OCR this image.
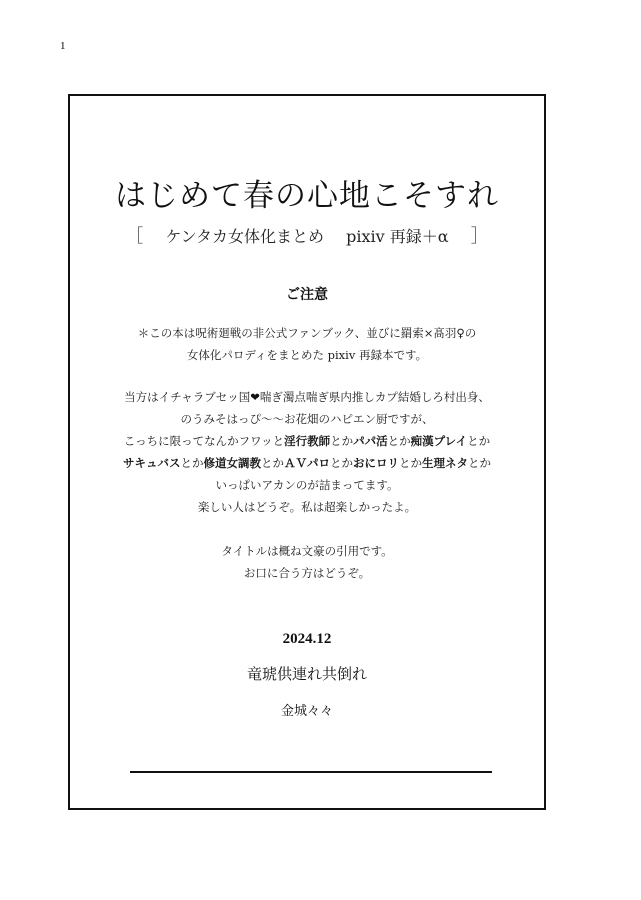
1
はじめて春の心地こそすれ
［ ケンタカ女体化まとめ pixiv 再録＋α ］
ご注意
＊この本は呪術廻戦の非公式ファンブック、並びに羂索×髙羽♀の
女体化パロディをまとめた pixiv 再録本です。
当方はイチャラブセッ国❤喘ぎ濁点喘ぎ県内推しカプ結婚しろ村出身、
のうみそはっぴ〜〜お花畑のハピエン厨ですが、
こっちに限ってなんかフワッと淫行教師とかパパ活とか痴漢プレイとか
サキュバスとか修道女調教とかＡＶパロとかおにロリとか生理ネタとか
いっぱいアカンのが詰まってます。
楽しい人はどうぞ。私は超楽しかったよ。
タイトルは概ね文豪の引用です。
お口に合う方はどうぞ。
2024.12
竜琥供連れ共倒れ
金城々々
